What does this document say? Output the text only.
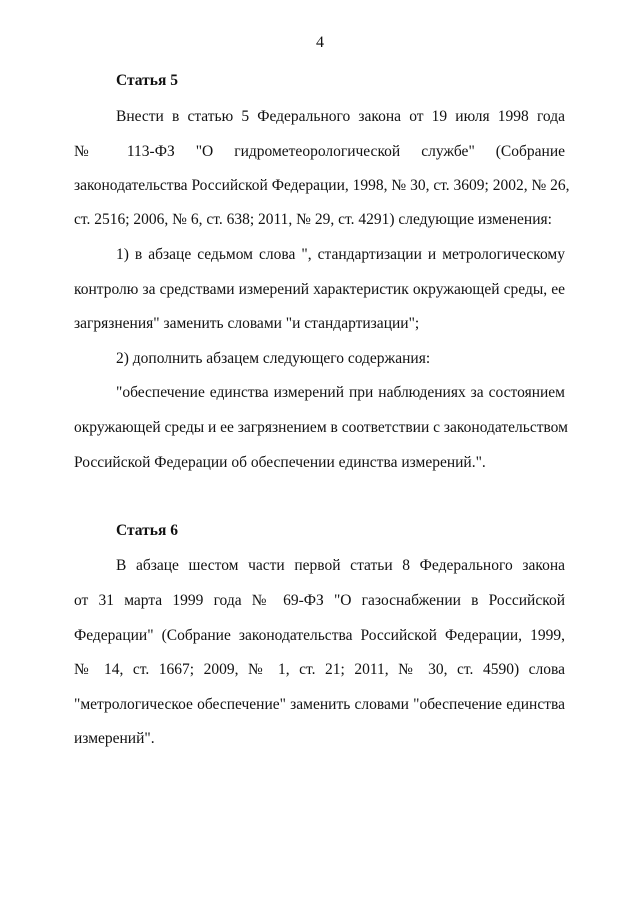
4
Статья 5
Внести в статью 5 Федерального закона от 19 июля 1998 года
№ 113-ФЗ "О гидрометеорологической службе" (Собрание
законодательства Российской Федерации, 1998, № 30, ст. 3609; 2002, № 26,
ст. 2516; 2006, № 6, ст. 638; 2011, № 29, ст. 4291) следующие изменения:
1) в абзаце седьмом слова ", стандартизации и метрологическому
контролю за средствами измерений характеристик окружающей среды, ее
загрязнения" заменить словами "и стандартизации";
2) дополнить абзацем следующего содержания:
"обеспечение единства измерений при наблюдениях за состоянием
окружающей среды и ее загрязнением в соответствии с законодательством
Российской Федерации об обеспечении единства измерений.".
Статья 6
В абзаце шестом части первой статьи 8 Федерального закона
от 31 марта 1999 года № 69-ФЗ "О газоснабжении в Российской
Федерации" (Собрание законодательства Российской Федерации, 1999,
№ 14, ст. 1667; 2009, № 1, ст. 21; 2011, № 30, ст. 4590) слова
"метрологическое обеспечение" заменить словами "обеспечение единства
измерений".
